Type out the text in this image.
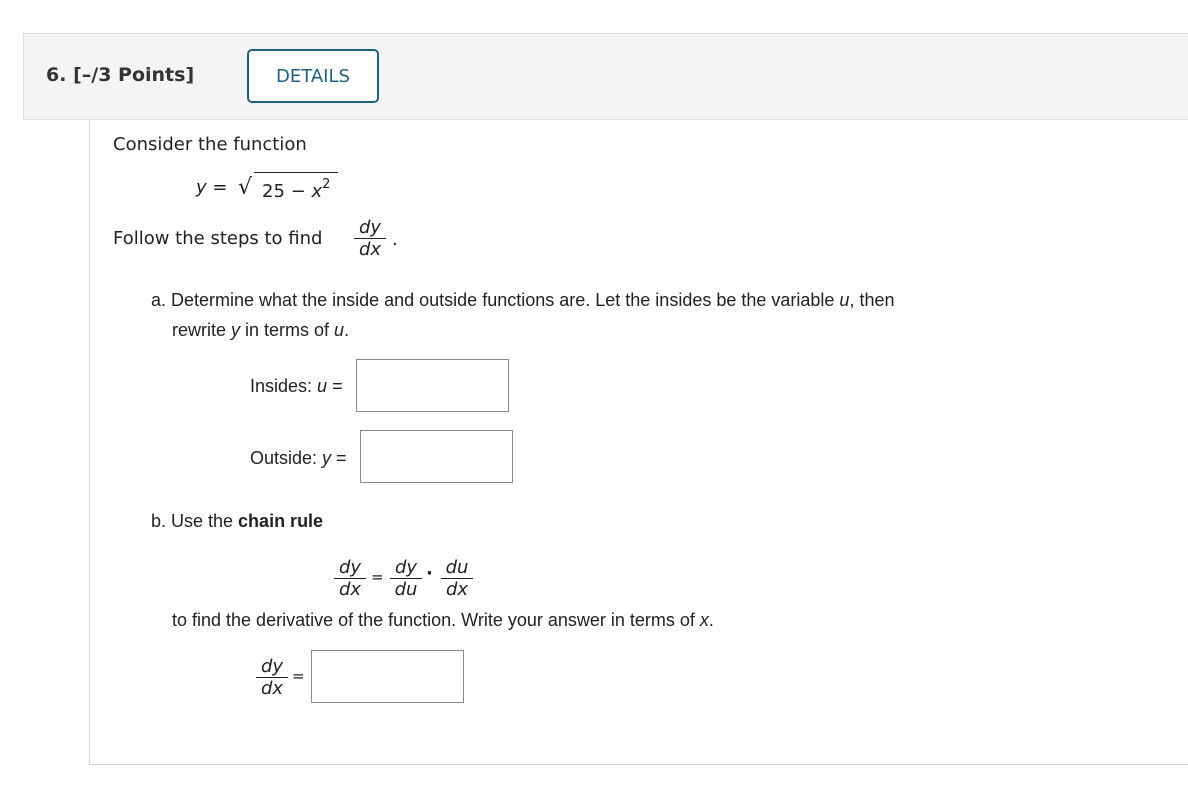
6. [–/3 Points]	DETAILS
Consider the function
y = √ $25 - x^2$
Follow the steps to find $\frac{dy}{dx}$ .
a. Determine what the inside and outside functions are. Let the insides be the variable u, then
rewrite y in terms of u.
Insides: u =
Outside: y =
b. Use the chain rule
$\frac{dy}{dx} = \frac{dy}{du} \cdot \frac{du}{dx}$
to find the derivative of the function. Write your answer in terms of x.
$\frac{dy}{dx}$ =
